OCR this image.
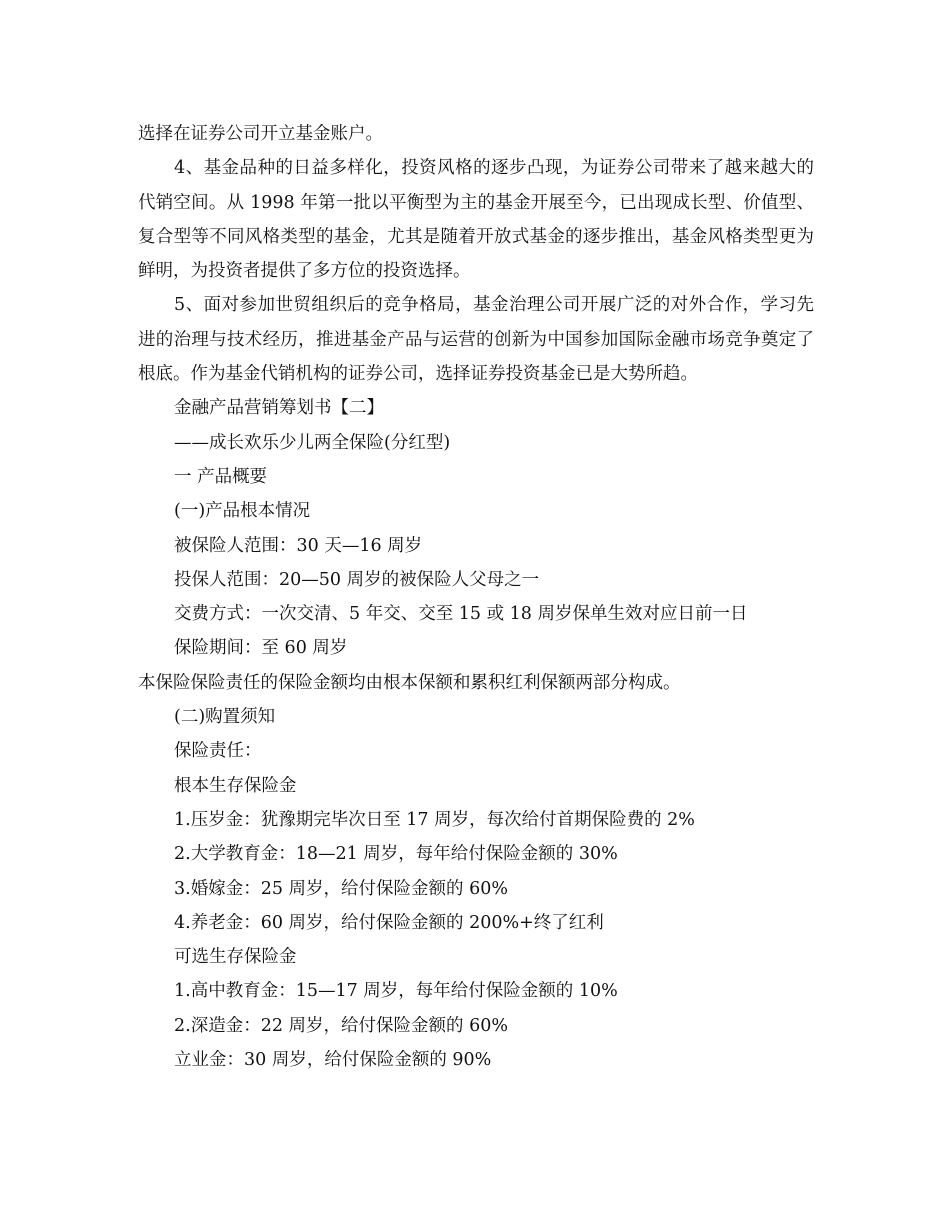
选择在证券公司开立基金账户。

4、基金品种的日益多样化，投资风格的逐步凸现，为证券公司带来了越来越大的代销空间。从 1998 年第一批以平衡型为主的基金开展至今，已出现成长型、价值型、复合型等不同风格类型的基金，尤其是随着开放式基金的逐步推出，基金风格类型更为鲜明，为投资者提供了多方位的投资选择。

5、面对参加世贸组织后的竞争格局，基金治理公司开展广泛的对外合作，学习先进的治理与技术经历，推进基金产品与运营的创新为中国参加国际金融市场竞争奠定了根底。作为基金代销机构的证券公司，选择证券投资基金已是大势所趋。

金融产品营销筹划书【二】
——成长欢乐少儿两全保险(分红型)
一 产品概要
(一)产品根本情况
被保险人范围：30 天—16 周岁
投保人范围：20—50 周岁的被保险人父母之一
交费方式：一次交清、5 年交、交至 15 或 18 周岁保单生效对应日前一日
保险期间：至 60 周岁
本保险保险责任的保险金额均由根本保额和累积红利保额两部分构成。
(二)购置须知
保险责任：
根本生存保险金
1.压岁金：犹豫期完毕次日至 17 周岁，每次给付首期保险费的 2%
2.大学教育金：18—21 周岁，每年给付保险金额的 30%
3.婚嫁金：25 周岁，给付保险金额的 60%
4.养老金：60 周岁，给付保险金额的 200%+终了红利
可选生存保险金
1.高中教育金：15—17 周岁，每年给付保险金额的 10%
2.深造金：22 周岁，给付保险金额的 60%
立业金：30 周岁，给付保险金额的 90%
